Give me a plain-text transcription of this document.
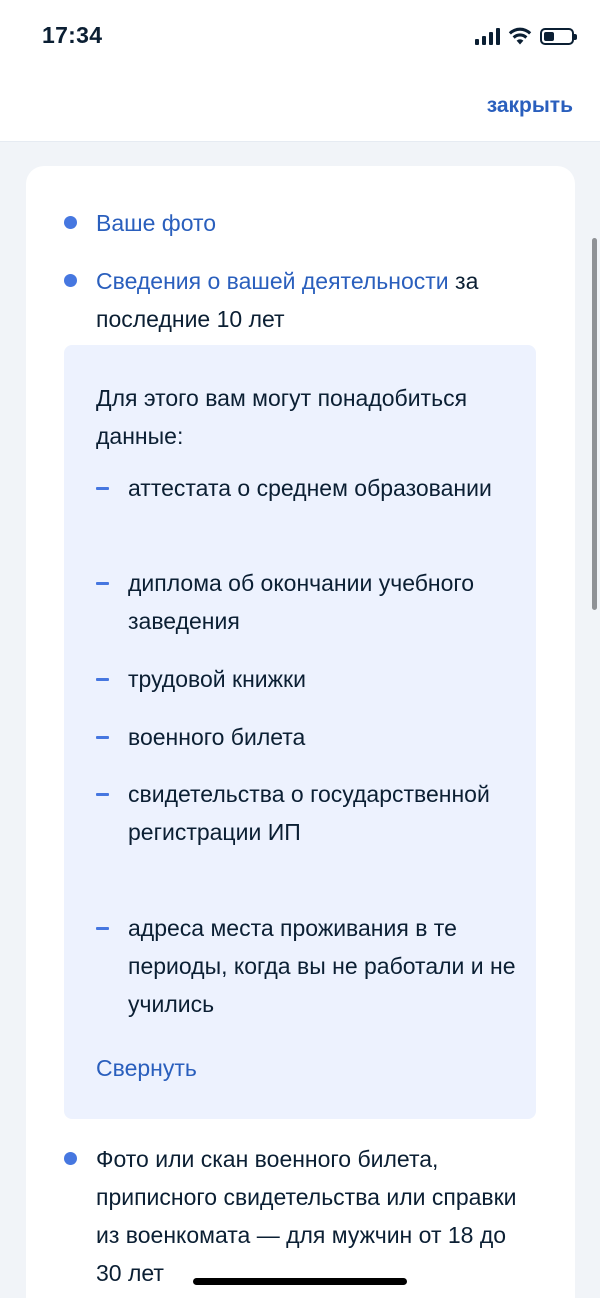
17:34
закрыть
Ваше фото
Сведения о вашей деятельности за последние 10 лет
Для этого вам могут понадобиться данные:
аттестата о среднем образовании
диплома об окончании учебного заведения
трудовой книжки
военного билета
свидетельства о государственной регистрации ИП
адреса места проживания в те периоды, когда вы не работали и не учились
Свернуть
Фото или скан военного билета, приписного свидетельства или справки из военкомата — для мужчин от 18 до 30 лет
